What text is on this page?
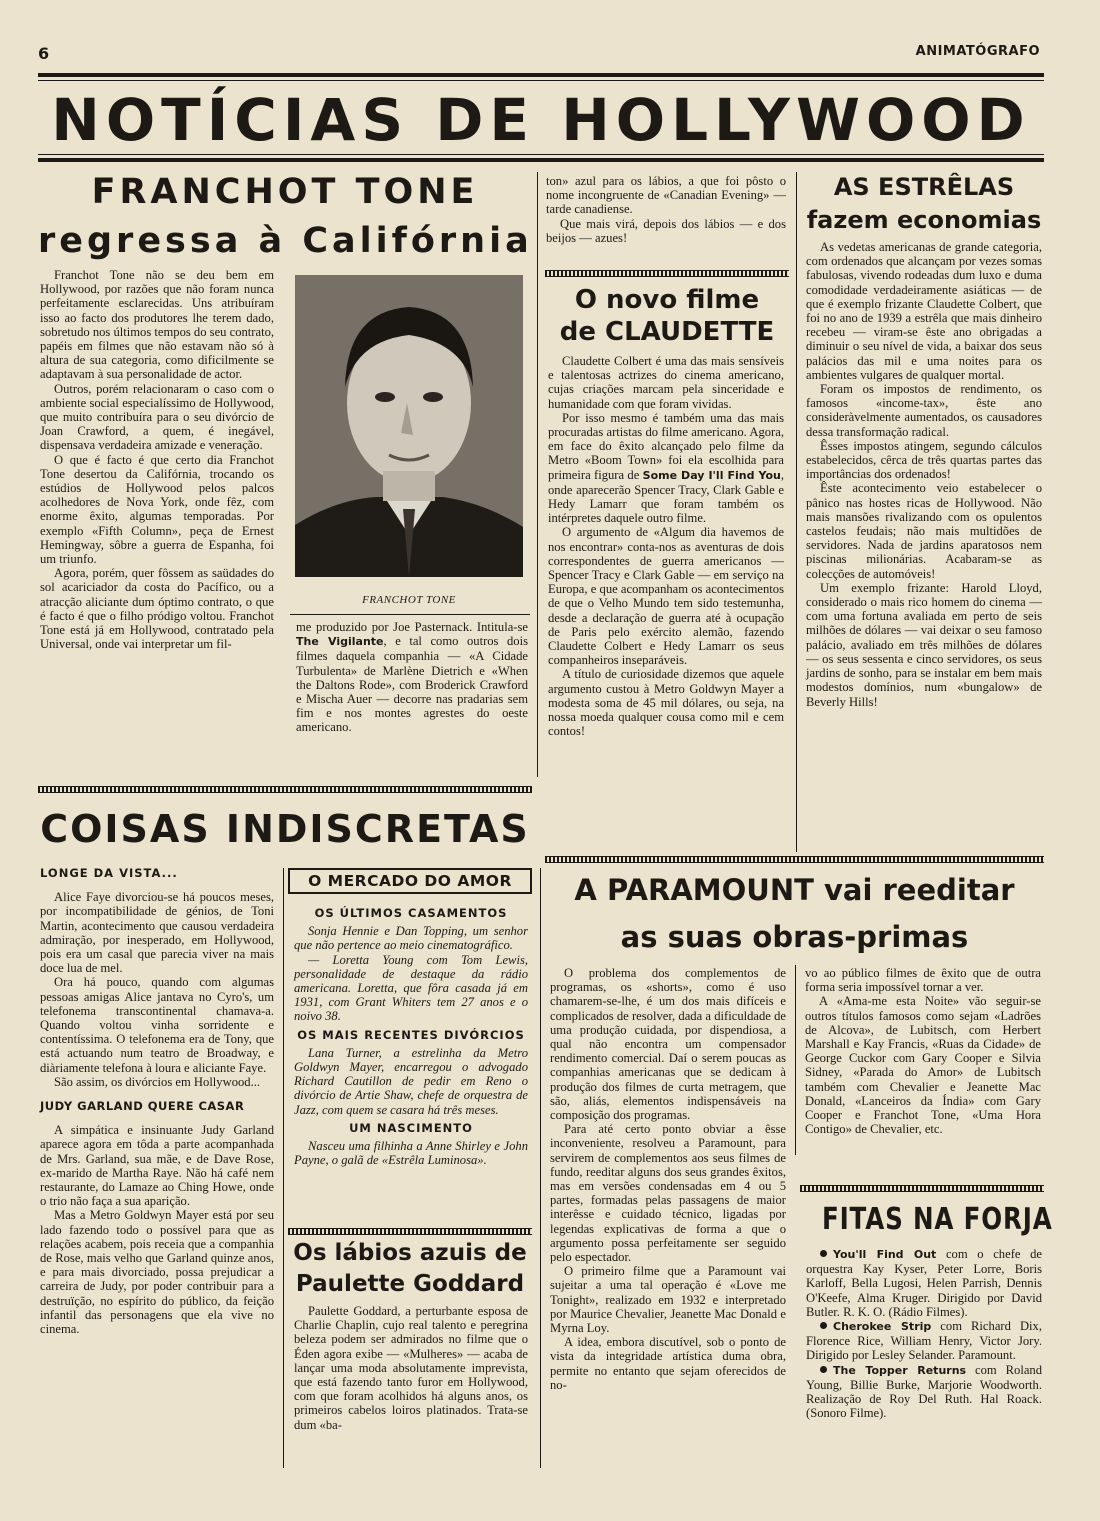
6	ANIMATÓGRAFO
NOTÍCIAS DE HOLLYWOOD
FRANCHOT TONE
regressa à Califórnia

Franchot Tone não se deu bem em Hollywood, por razões que não foram nunca perfeitamente esclarecidas. Uns atribuíram isso ao facto dos produtores lhe terem dado, sobretudo nos últimos tempos do seu contrato, papéis em filmes que não estavam não só à altura de sua categoria, como dificilmente se adaptavam à sua personalidade de actor.

Outros, porém relacionaram o caso com o ambiente social especialíssimo de Hollywood, que muito contribuíra para o seu divórcio de Joan Crawford, a quem, é inegável, dispensava verdadeira amizade e veneração.

O que é facto é que certo dia Franchot Tone desertou da Califórnia, trocando os estúdios de Hollywood pelos palcos acolhedores de Nova York, onde fêz, com enorme êxito, algumas temporadas. Por exemplo «Fifth Column», peça de Ernest Hemingway, sôbre a guerra de Espanha, foi um triunfo.

Agora, porém, quer fôssem as saüdades do sol acariciador da costa do Pacífico, ou a atracção aliciante dum óptimo contrato, o que é facto é que o filho pródigo voltou. Franchot Tone está já em Hollywood, contratado pela Universal, onde vai interpretar um fil-

FRANCHOT TONE

me produzido por Joe Pasternack. Intitula-se The Vigilante, e tal como outros dois filmes daquela companhia — «A Cidade Turbulenta» de Marlène Dietrich e «When the Daltons Rode», com Broderick Crawford e Mischa Auer — decorre nas pradarias sem fim e nos montes agrestes do oeste americano.

ton» azul para os lábios, a que foi pôsto o nome incongruente de «Canadian Evening» — tarde canadiense.

Que mais virá, depois dos lábios — e dos beijos — azues!

O novo filme
de CLAUDETTE

Claudette Colbert é uma das mais sensíveis e talentosas actrizes do cinema americano, cujas criações marcam pela sinceridade e humanidade com que foram vividas.

Por isso mesmo é também uma das mais procuradas artistas do filme americano. Agora, em face do êxito alcançado pelo filme da Metro «Boom Town» foi ela escolhida para primeira figura de Some Day I'll Find You, onde aparecerão Spencer Tracy, Clark Gable e Hedy Lamarr que foram também os intérpretes daquele outro filme.

O argumento de «Algum dia havemos de nos encontrar» conta-nos as aventuras de dois correspondentes de guerra americanos — Spencer Tracy e Clark Gable — em serviço na Europa, e que acompanham os acontecimentos de que o Velho Mundo tem sido testemunha, desde a declaração de guerra até à ocupação de Paris pelo exército alemão, fazendo Claudette Colbert e Hedy Lamarr os seus companheiros inseparáveis.

A título de curiosidade dizemos que aquele argumento custou à Metro Goldwyn Mayer a modesta soma de 45 mil dólares, ou seja, na nossa moeda qualquer cousa como mil e cem contos!

AS ESTRÊLAS
fazem economias

As vedetas americanas de grande categoria, com ordenados que alcançam por vezes somas fabulosas, vivendo rodeadas dum luxo e duma comodidade verdadeiramente asiáticas — de que é exemplo frizante Claudette Colbert, que foi no ano de 1939 a estrêla que mais dinheiro recebeu — viram-se êste ano obrigadas a diminuir o seu nível de vida, a baixar dos seus palácios das mil e uma noites para os ambientes vulgares de qualquer mortal.

Foram os impostos de rendimento, os famosos «income-tax», êste ano consideràvelmente aumentados, os causadores dessa transformação radical.

Êsses impostos atingem, segundo cálculos estabelecidos, cêrca de três quartas partes das importâncias dos ordenados!

Êste acontecimento veio estabelecer o pânico nas hostes ricas de Hollywood. Não mais mansões rivalizando com os opulentos castelos feudais; não mais multidões de servidores. Nada de jardins aparatosos nem piscinas milionárias. Acabaram-se as colecções de automóveis!

Um exemplo frizante: Harold Lloyd, considerado o mais rico homem do cinema — com uma fortuna avaliada em perto de seis milhões de dólares — vai deixar o seu famoso palácio, avaliado em três milhões de dólares — os seus sessenta e cinco servidores, os seus jardins de sonho, para se instalar em bem mais modestos domínios, num «bungalow» de Beverly Hills!

COISAS INDISCRETAS
LONGE DA VISTA...

Alice Faye divorciou-se há poucos meses, por incompatibilidade de génios, de Toni Martin, acontecimento que causou verdadeira admiração, por inesperado, em Hollywood, pois era um casal que parecia viver na mais doce lua de mel.

Ora há pouco, quando com algumas pessoas amigas Alice jantava no Cyro's, um telefonema transcontinental chamava-a. Quando voltou vinha sorridente e contentíssima. O telefonema era de Tony, que está actuando num teatro de Broadway, e diàriamente telefona à loura e aliciante Faye.

São assim, os divórcios em Hollywood...

JUDY GARLAND QUERE CASAR

A simpática e insinuante Judy Garland aparece agora em tôda a parte acompanhada de Mrs. Garland, sua mãe, e de Dave Rose, ex-marido de Martha Raye. Não há café nem restaurante, do Lamaze ao Ching Howe, onde o trio não faça a sua aparição.

Mas a Metro Goldwyn Mayer está por seu lado fazendo todo o possível para que as relações acabem, pois receia que a companhia de Rose, mais velho que Garland quinze anos, e para mais divorciado, possa prejudicar a carreira de Judy, por poder contribuir para a destruïção, no espírito do público, da feição infantil das personagens que ela vive no cinema.

O MERCADO DO AMOR
OS ÚLTIMOS CASAMENTOS

Sonja Hennie e Dan Topping, um senhor que não pertence ao meio cinematográfico.

— Loretta Young com Tom Lewis, personalidade de destaque da rádio americana. Loretta, que fôra casada já em 1931, com Grant Whiters tem 27 anos e o noivo 38.

OS MAIS RECENTES DIVÓRCIOS

Lana Turner, a estrelinha da Metro Goldwyn Mayer, encarregou o advogado Richard Cautillon de pedir em Reno o divórcio de Artie Shaw, chefe de orquestra de Jazz, com quem se casara há três meses.

UM NASCIMENTO

Nasceu uma filhinha a Anne Shirley e John Payne, o galã de «Estrêla Luminosa».

Os lábios azuis de Paulette Goddard

Paulette Goddard, a perturbante esposa de Charlie Chaplin, cujo real talento e peregrina beleza podem ser admirados no filme que o Éden agora exibe — «Mulheres» — acaba de lançar uma moda absolutamente imprevista, que está fazendo tanto furor em Hollywood, com que foram acolhidos há alguns anos, os primeiros cabelos loiros platinados. Trata-se dum «ba-

A PARAMOUNT vai reeditar
as suas obras-primas

O problema dos complementos de programas, os «shorts», como é uso chamarem-se-lhe, é um dos mais difíceis e complicados de resolver, dada a dificuldade de uma produção cuidada, por dispendiosa, a qual não encontra um compensador rendimento comercial. Daí o serem poucas as companhias americanas que se dedicam à produção dos filmes de curta metragem, que são, aliás, elementos indispensáveis na composição dos programas.

Para até certo ponto obviar a êsse inconveniente, resolveu a Paramount, para servirem de complementos aos seus filmes de fundo, reeditar alguns dos seus grandes êxitos, mas em versões condensadas em 4 ou 5 partes, formadas pelas passagens de maior interêsse e cuidado técnico, ligadas por legendas explicativas de forma a que o argumento possa perfeitamente ser seguido pelo espectador.

O primeiro filme que a Paramount vai sujeitar a uma tal operação é «Love me Tonight», realizado em 1932 e interpretado por Maurice Chevalier, Jeanette Mac Donald e Myrna Loy.

A idea, embora discutível, sob o ponto de vista da integridade artística duma obra, permite no entanto que sejam oferecidos de no-

vo ao público filmes de êxito que de outra forma seria impossível tornar a ver.

A «Ama-me esta Noite» vão seguir-se outros títulos famosos como sejam «Ladrões de Alcova», de Lubitsch, com Herbert Marshall e Kay Francis, «Ruas da Cidade» de George Cuckor com Gary Cooper e Silvia Sidney, «Parada do Amor» de Lubitsch também com Chevalier e Jeanette Mac Donald, «Lanceiros da Índia» com Gary Cooper e Franchot Tone, «Uma Hora Contigo» de Chevalier, etc.

FITAS NA FORJA

You'll Find Out com o chefe de orquestra Kay Kyser, Peter Lorre, Boris Karloff, Bella Lugosi, Helen Parrish, Dennis O'Keefe, Alma Kruger. Dirigido por David Butler. R. K. O. (Rádio Filmes).

Cherokee Strip com Richard Dix, Florence Rice, William Henry, Victor Jory. Dirigido por Lesley Selander. Paramount.

The Topper Returns com Roland Young, Billie Burke, Marjorie Woodworth. Realização de Roy Del Ruth. Hal Roack. (Sonoro Filme).
